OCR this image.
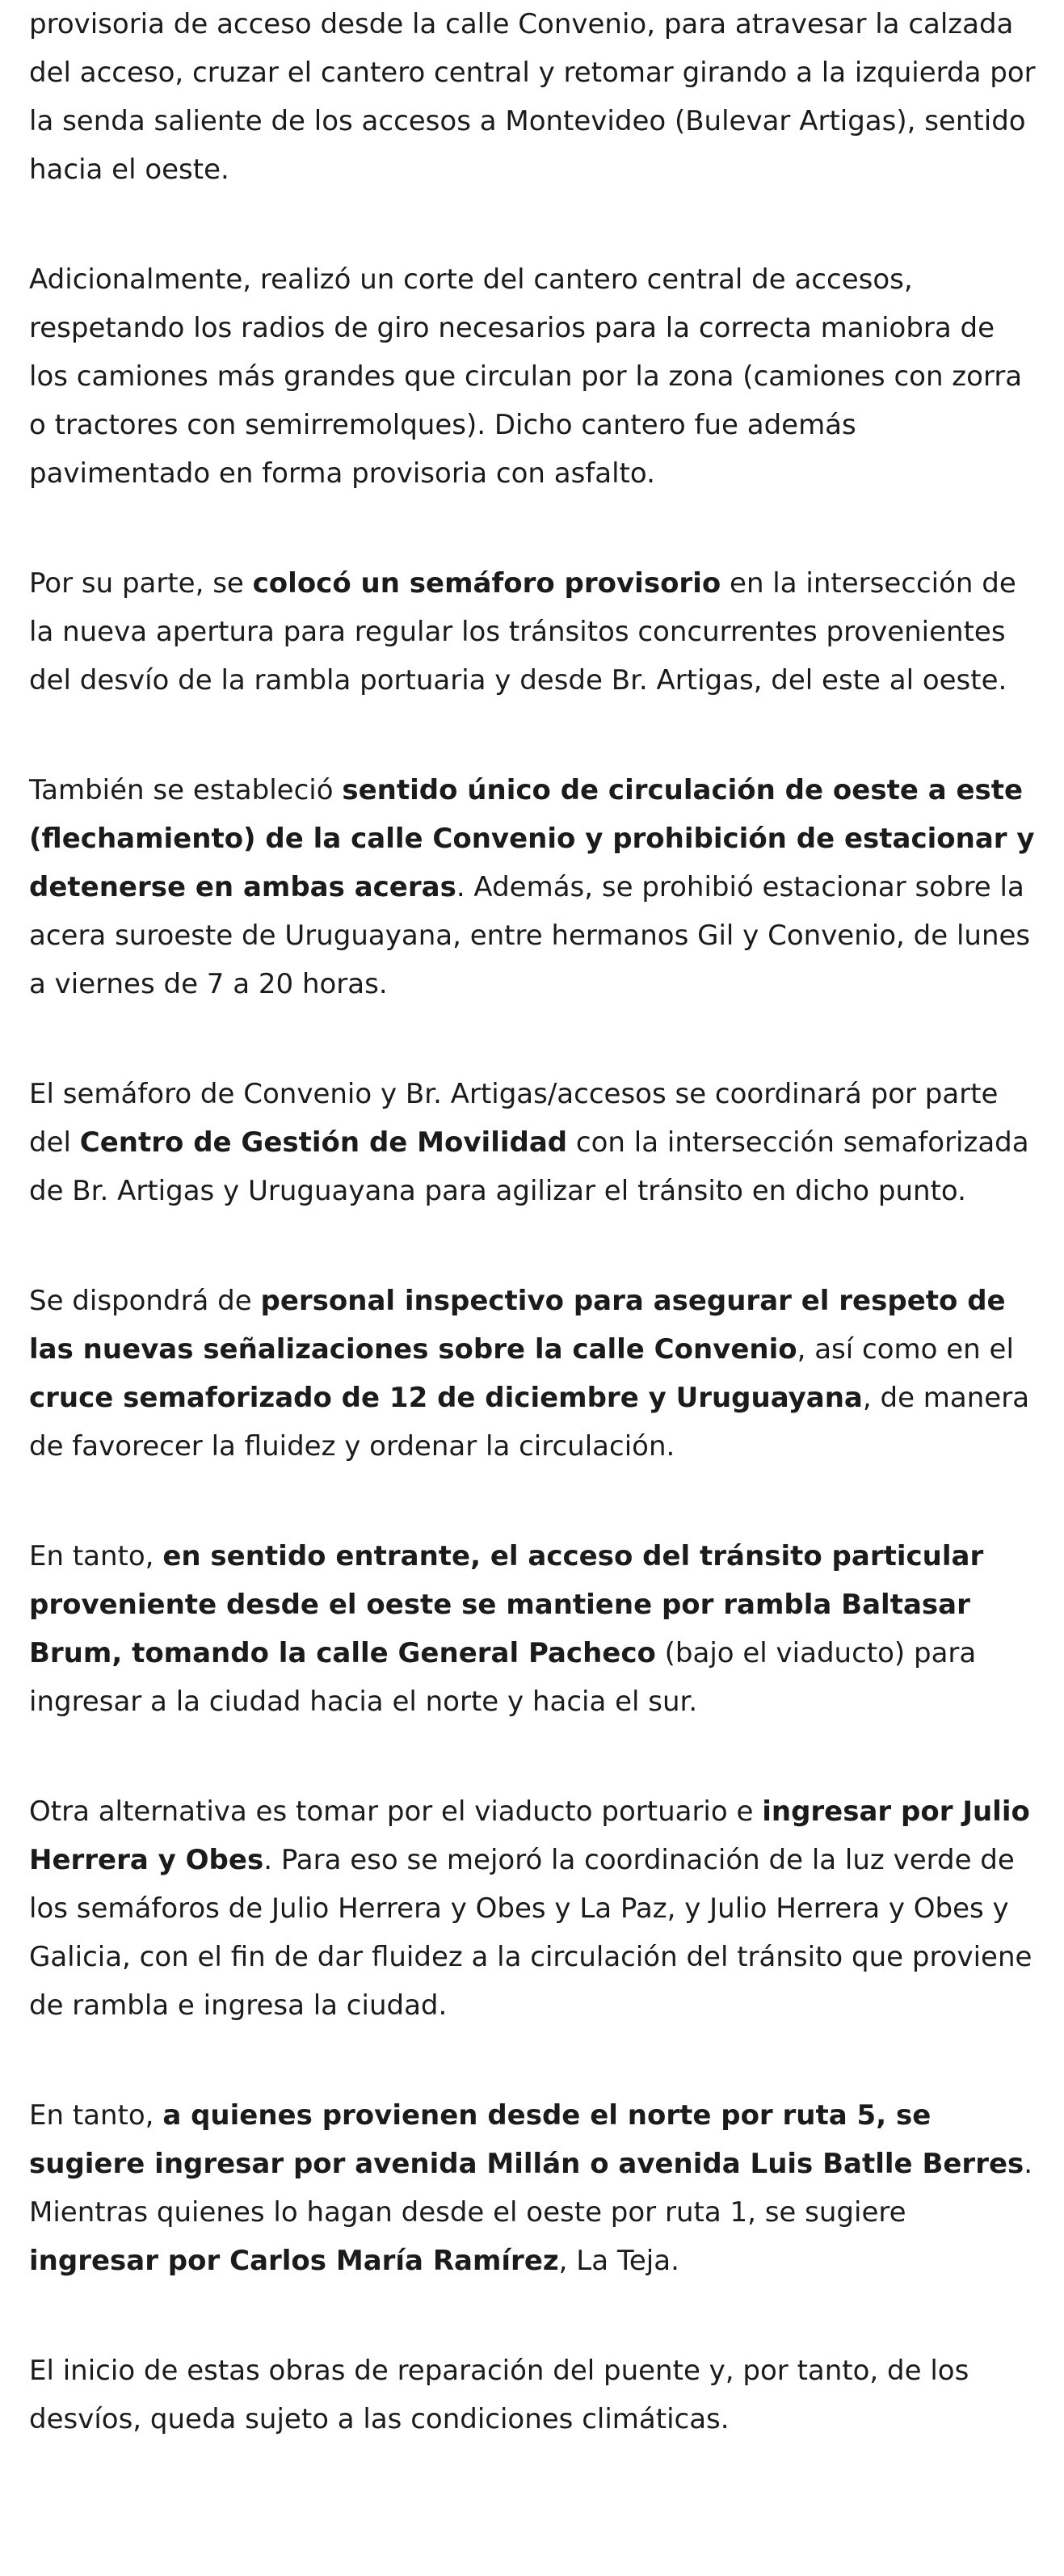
provisoria de acceso desde la calle Convenio, para atravesar la calzada del acceso, cruzar el cantero central y retomar girando a la izquierda por la senda saliente de los accesos a Montevideo (Bulevar Artigas), sentido hacia el oeste.

Adicionalmente, realizó un corte del cantero central de accesos, respetando los radios de giro necesarios para la correcta maniobra de los camiones más grandes que circulan por la zona (camiones con zorra o tractores con semirremolques). Dicho cantero fue además pavimentado en forma provisoria con asfalto.

Por su parte, se colocó un semáforo provisorio en la intersección de la nueva apertura para regular los tránsitos concurrentes provenientes del desvío de la rambla portuaria y desde Br. Artigas, del este al oeste.

También se estableció sentido único de circulación de oeste a este (flechamiento) de la calle Convenio y prohibición de estacionar y detenerse en ambas aceras. Además, se prohibió estacionar sobre la acera suroeste de Uruguayana, entre hermanos Gil y Convenio, de lunes a viernes de 7 a 20 horas.

El semáforo de Convenio y Br. Artigas/accesos se coordinará por parte del Centro de Gestión de Movilidad con la intersección semaforizada de Br. Artigas y Uruguayana para agilizar el tránsito en dicho punto.

Se dispondrá de personal inspectivo para asegurar el respeto de las nuevas señalizaciones sobre la calle Convenio, así como en el cruce semaforizado de 12 de diciembre y Uruguayana, de manera de favorecer la fluidez y ordenar la circulación.

En tanto, en sentido entrante, el acceso del tránsito particular proveniente desde el oeste se mantiene por rambla Baltasar Brum, tomando la calle General Pacheco (bajo el viaducto) para ingresar a la ciudad hacia el norte y hacia el sur.

Otra alternativa es tomar por el viaducto portuario e ingresar por Julio Herrera y Obes. Para eso se mejoró la coordinación de la luz verde de los semáforos de Julio Herrera y Obes y La Paz, y Julio Herrera y Obes y Galicia, con el fin de dar fluidez a la circulación del tránsito que proviene de rambla e ingresa la ciudad.

En tanto, a quienes provienen desde el norte por ruta 5, se sugiere ingresar por avenida Millán o avenida Luis Batlle Berres. Mientras quienes lo hagan desde el oeste por ruta 1, se sugiere ingresar por Carlos María Ramírez, La Teja.

El inicio de estas obras de reparación del puente y, por tanto, de los desvíos, queda sujeto a las condiciones climáticas.
